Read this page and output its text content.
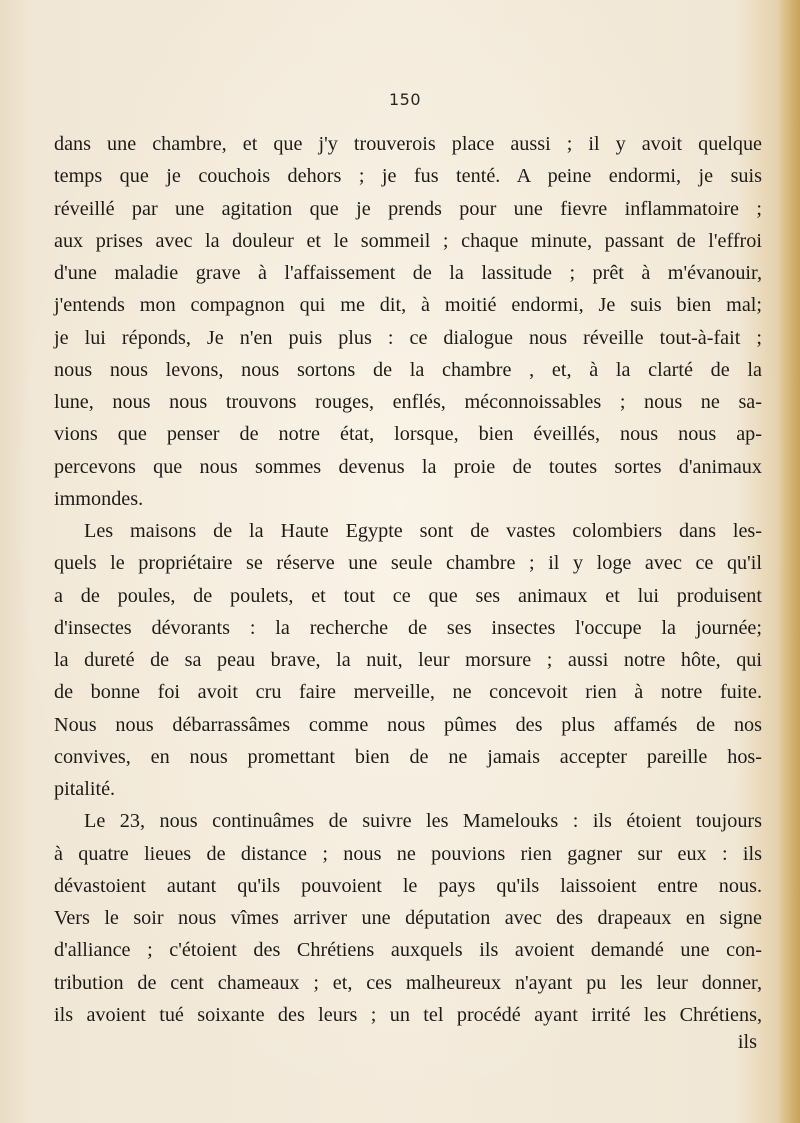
150
dans une chambre, et que j'y trouverois place aussi ; il y avoit quelque
temps que je couchois dehors ; je fus tenté. A peine endormi, je suis
réveillé par une agitation que je prends pour une fievre inflammatoire ;
aux prises avec la douleur et le sommeil ; chaque minute, passant de l'effroi
d'une maladie grave à l'affaissement de la lassitude ; prêt à m'évanouir,
j'entends mon compagnon qui me dit, à moitié endormi, Je suis bien mal;
je lui réponds, Je n'en puis plus : ce dialogue nous réveille tout-à-fait ;
nous nous levons, nous sortons de la chambre , et, à la clarté de la
lune, nous nous trouvons rouges, enflés, méconnoissables ; nous ne sa-
vions que penser de notre état, lorsque, bien éveillés, nous nous ap-
percevons que nous sommes devenus la proie de toutes sortes d'animaux
immondes.
Les maisons de la Haute Egypte sont de vastes colombiers dans les-
quels le propriétaire se réserve une seule chambre ; il y loge avec ce qu'il
a de poules, de poulets, et tout ce que ses animaux et lui produisent
d'insectes dévorants : la recherche de ses insectes l'occupe la journée;
la dureté de sa peau brave, la nuit, leur morsure ; aussi notre hôte, qui
de bonne foi avoit cru faire merveille, ne concevoit rien à notre fuite.
Nous nous débarrassâmes comme nous pûmes des plus affamés de nos
convives, en nous promettant bien de ne jamais accepter pareille hos-
pitalité.
Le 23, nous continuâmes de suivre les Mamelouks : ils étoient toujours
à quatre lieues de distance ; nous ne pouvions rien gagner sur eux : ils
dévastoient autant qu'ils pouvoient le pays qu'ils laissoient entre nous.
Vers le soir nous vîmes arriver une députation avec des drapeaux en signe
d'alliance ; c'étoient des Chrétiens auxquels ils avoient demandé une con-
tribution de cent chameaux ; et, ces malheureux n'ayant pu les leur donner,
ils avoient tué soixante des leurs ; un tel procédé ayant irrité les Chrétiens,
ils
